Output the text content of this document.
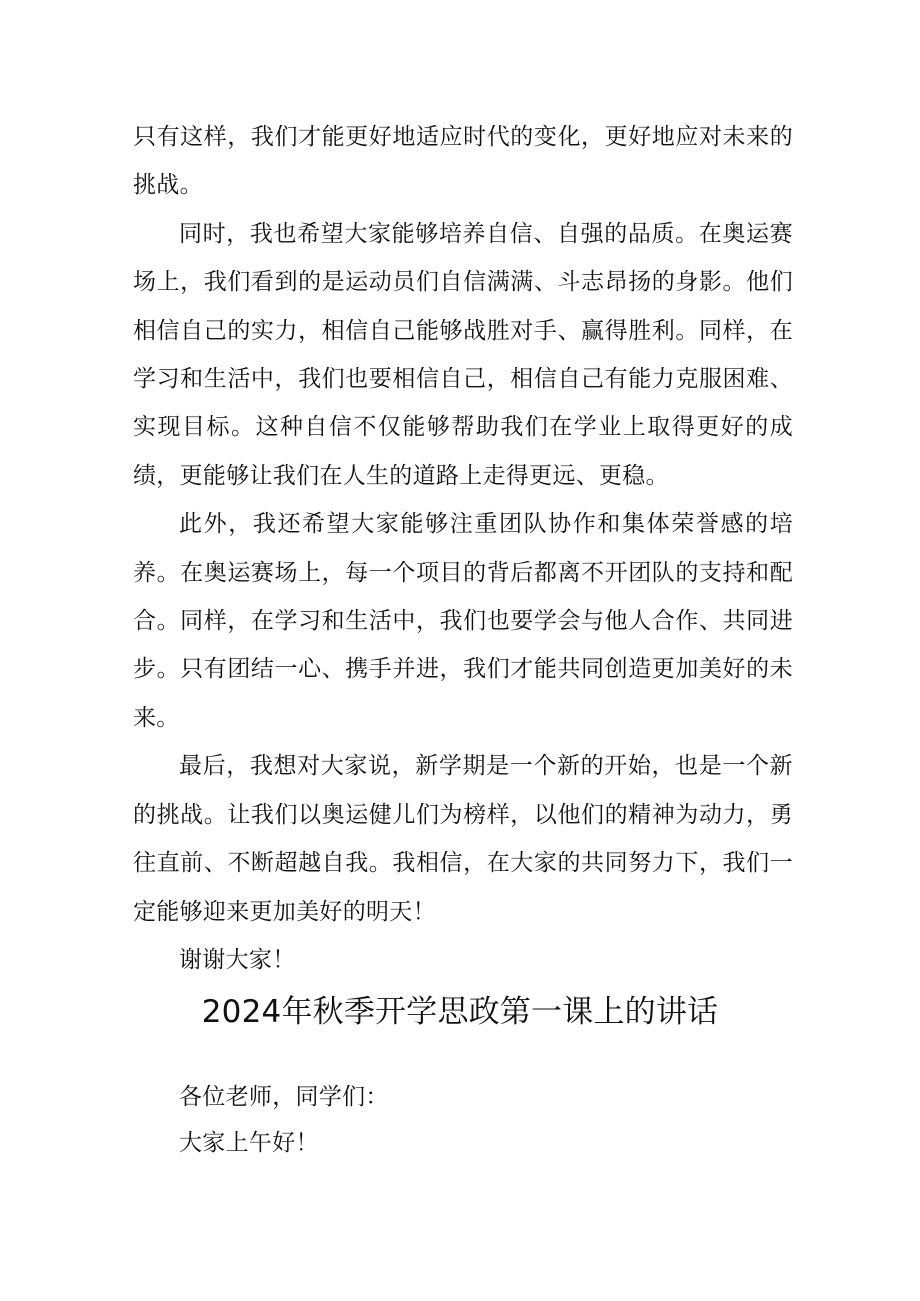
只有这样，我们才能更好地适应时代的变化，更好地应对未来的挑战。

同时，我也希望大家能够培养自信、自强的品质。在奥运赛场上，我们看到的是运动员们自信满满、斗志昂扬的身影。他们相信自己的实力，相信自己能够战胜对手、赢得胜利。同样，在学习和生活中，我们也要相信自己，相信自己有能力克服困难、实现目标。这种自信不仅能够帮助我们在学业上取得更好的成绩，更能够让我们在人生的道路上走得更远、更稳。

此外，我还希望大家能够注重团队协作和集体荣誉感的培养。在奥运赛场上，每一个项目的背后都离不开团队的支持和配合。同样，在学习和生活中，我们也要学会与他人合作、共同进步。只有团结一心、携手并进，我们才能共同创造更加美好的未来。

最后，我想对大家说，新学期是一个新的开始，也是一个新的挑战。让我们以奥运健儿们为榜样，以他们的精神为动力，勇往直前、不断超越自我。我相信，在大家的共同努力下，我们一定能够迎来更加美好的明天！

谢谢大家！

2024年秋季开学思政第一课上的讲话

各位老师，同学们：

大家上午好！
